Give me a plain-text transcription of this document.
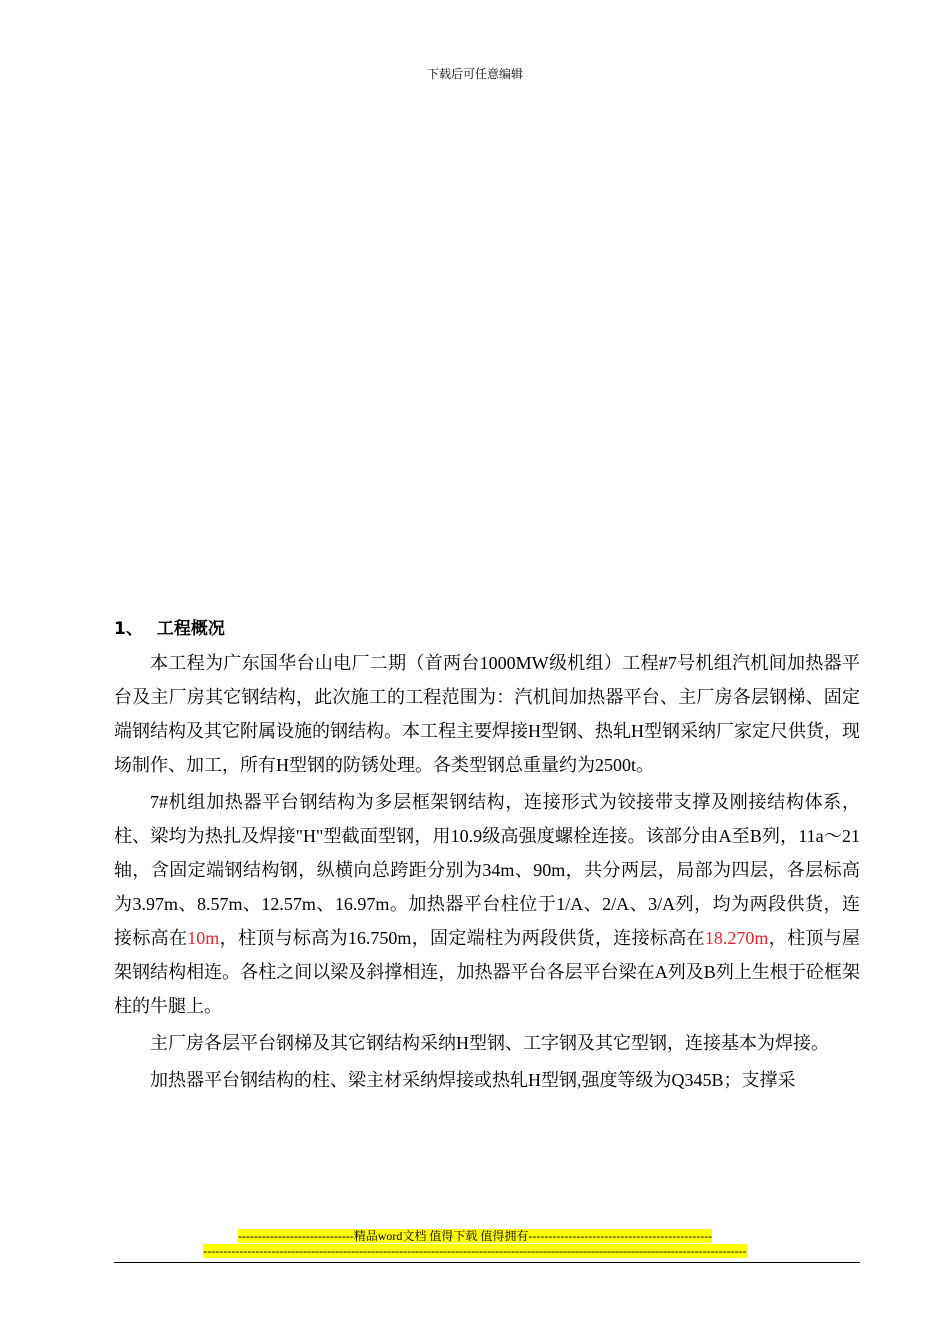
下载后可任意编辑

1、 工程概况

本工程为广东国华台山电厂二期（首两台1000MW级机组）工程#7号机组汽机间加热器平台及主厂房其它钢结构，此次施工的工程范围为：汽机间加热器平台、主厂房各层钢梯、固定端钢结构及其它附属设施的钢结构。本工程主要焊接H型钢、热轧H型钢采纳厂家定尺供货，现场制作、加工，所有H型钢的防锈处理。各类型钢总重量约为2500t。

7#机组加热器平台钢结构为多层框架钢结构，连接形式为铰接带支撑及刚接结构体系，柱、梁均为热扎及焊接"H"型截面型钢，用10.9级高强度螺栓连接。该部分由A至B列，11a～21轴，含固定端钢结构钢，纵横向总跨距分别为34m、90m，共分两层，局部为四层，各层标高为3.97m、8.57m、12.57m、16.97m。加热器平台柱位于1/A、2/A、3/A列，均为两段供货，连接标高在10m，柱顶与标高为16.750m，固定端柱为两段供货，连接标高在18.270m，柱顶与屋架钢结构相连。各柱之间以梁及斜撑相连，加热器平台各层平台梁在A列及B列上生根于砼框架柱的牛腿上。

主厂房各层平台钢梯及其它钢结构采纳H型钢、工字钢及其它型钢，连接基本为焊接。

加热器平台钢结构的柱、梁主材采纳焊接或热轧H型钢,强度等级为Q345B；支撑采

-----------------------------精品word文档 值得下载 值得拥有----------------------------------------------
----------------------------------------------------------------------------------------------------------------------------------------
